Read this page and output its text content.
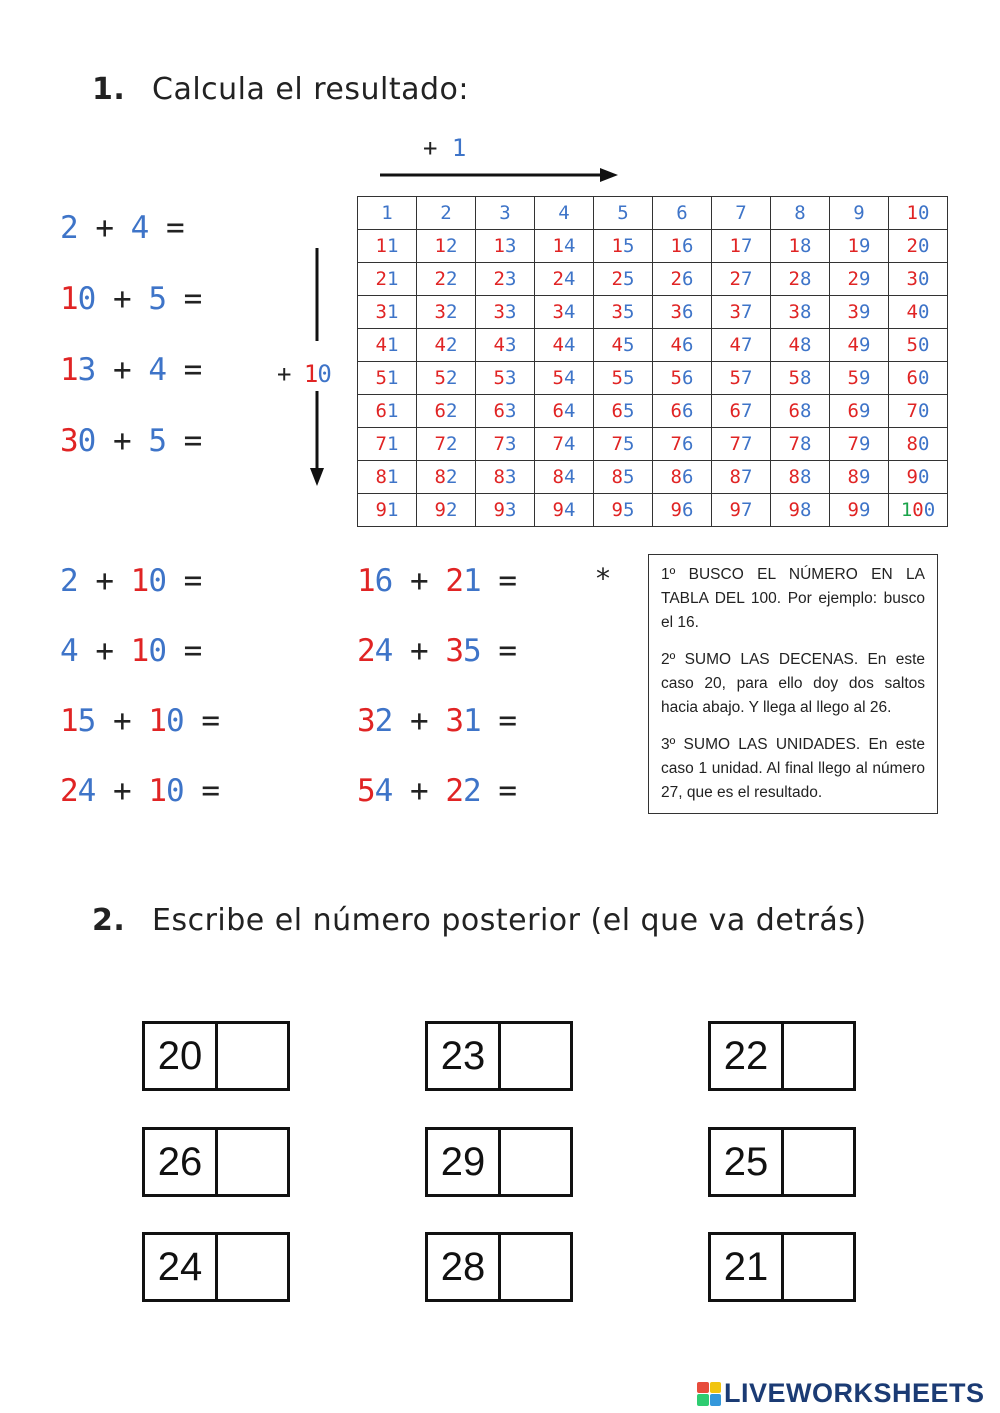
1. Calcula el resultado:
+ 1
+ 10
2 + 4 =
10 + 5 =
13 + 4 =
30 + 5 =
2 + 10 =
4 + 10 =
15 + 10 =
24 + 10 =
16 + 21 =
24 + 35 =
32 + 31 =
54 + 22 =
*
1	2	3	4	5	6	7	8	9	10
11	12	13	14	15	16	17	18	19	20
21	22	23	24	25	26	27	28	29	30
31	32	33	34	35	36	37	38	39	40
41	42	43	44	45	46	47	48	49	50
51	52	53	54	55	56	57	58	59	60
61	62	63	64	65	66	67	68	69	70
71	72	73	74	75	76	77	78	79	80
81	82	83	84	85	86	87	88	89	90
91	92	93	94	95	96	97	98	99	100

1º BUSCO EL NÚMERO EN LA TABLA DEL 100. Por ejemplo: busco el 16.

2º SUMO LAS DECENAS. En este caso 20, para ello doy dos saltos hacia abajo. Y llega al llego al 26.

3º SUMO LAS UNIDADES. En este caso 1 unidad. Al final llego al número 27, que es el resultado.

2. Escribe el número posterior (el que va detrás)
20	23	22
26	29	25
24	28	21
LIVEWORKSHEETS
